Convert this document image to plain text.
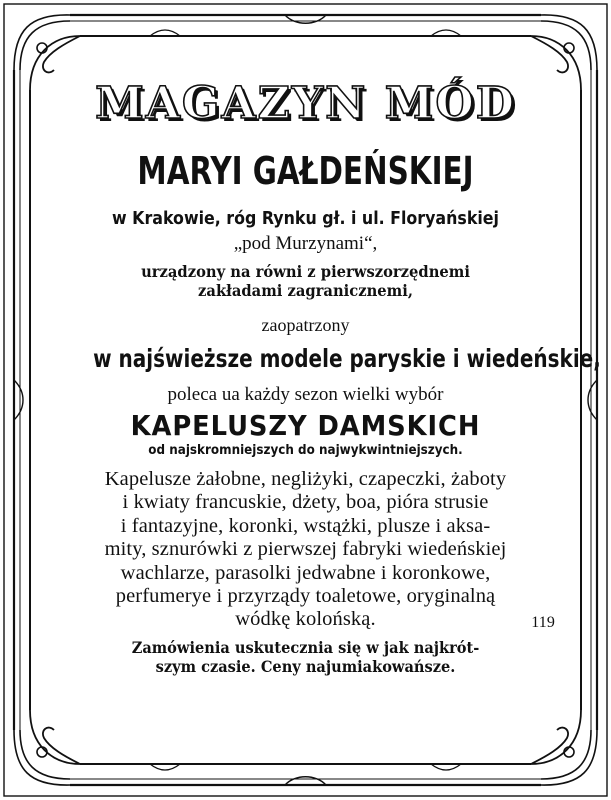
MAGAZYN MÓD
MARYI GAŁDEŃSKIEJ
w Krakowie, róg Rynku gł. i ul. Floryańskiej
„pod Murzynami“,
urządzony na równi z pierwszorzędnemi
zakładami zagranicznemi,
zaopatrzony
w najświeższe modele paryskie i wiedeńskie,
poleca ua każdy sezon wielki wybór
KAPELUSZY DAMSKICH
od najskromniejszych do najwykwintniejszych.
Kapelusze żałobne, negliżyki, czapeczki, żaboty
i kwiaty francuskie, dżety, boa, pióra strusie
i fantazyjne, koronki, wstążki, plusze i aksa-
mity, sznurówki z pierwszej fabryki wiedeńskiej
wachlarze, parasolki jedwabne i koronkowe,
perfumerye i przyrządy toaletowe, oryginalną
wódkę kolońską.	119
Zamówienia uskuteczniа się w jak najkrót-
szym czasie. Ceny najumiakowańsze.
